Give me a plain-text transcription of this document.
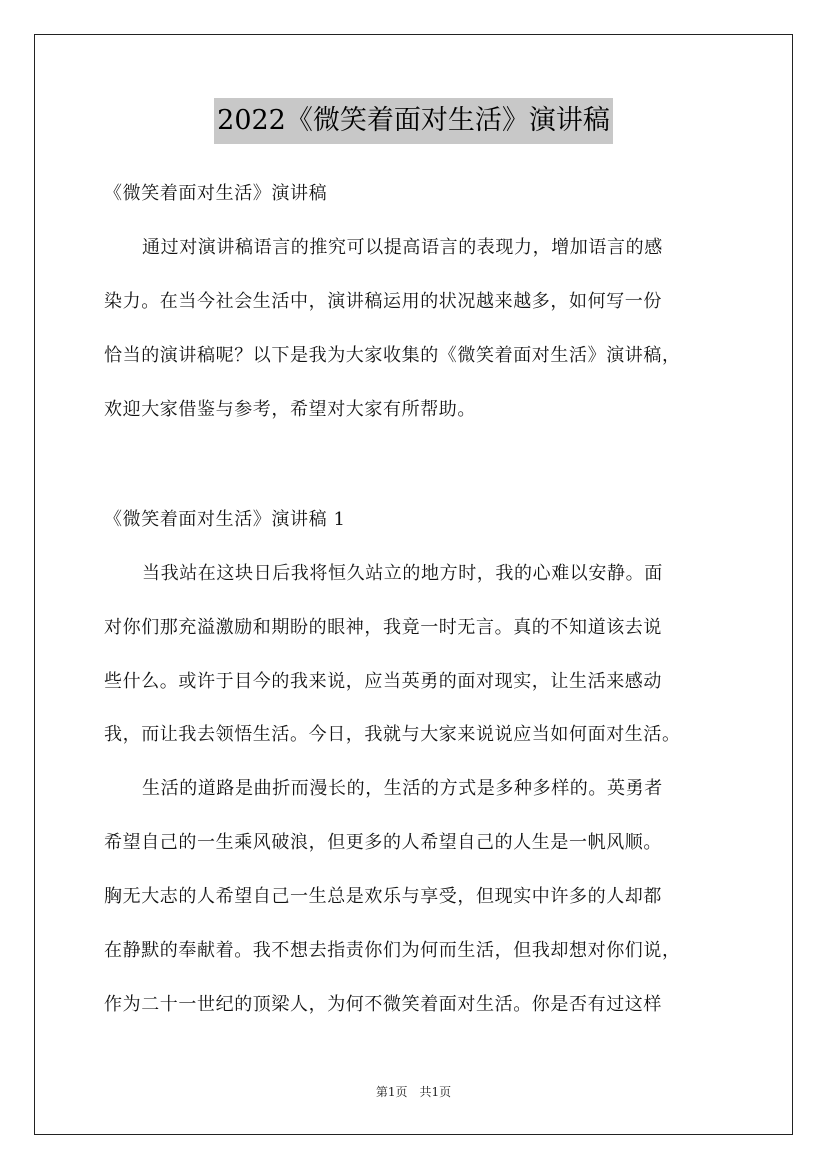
2022《微笑着面对生活》演讲稿
《微笑着面对生活》演讲稿
通过对演讲稿语言的推究可以提高语言的表现力，增加语言的感
染力。在当今社会生活中，演讲稿运用的状况越来越多，如何写一份
恰当的演讲稿呢？以下是我为大家收集的《微笑着面对生活》演讲稿，
欢迎大家借鉴与参考，希望对大家有所帮助。
《微笑着面对生活》演讲稿 1
当我站在这块日后我将恒久站立的地方时，我的心难以安静。面
对你们那充溢激励和期盼的眼神，我竟一时无言。真的不知道该去说
些什么。或许于目今的我来说，应当英勇的面对现实，让生活来感动
我，而让我去领悟生活。今日，我就与大家来说说应当如何面对生活。
生活的道路是曲折而漫长的，生活的方式是多种多样的。英勇者
希望自己的一生乘风破浪，但更多的人希望自己的人生是一帆风顺。
胸无大志的人希望自己一生总是欢乐与享受，但现实中许多的人却都
在静默的奉献着。我不想去指责你们为何而生活，但我却想对你们说，
作为二十一世纪的顶梁人，为何不微笑着面对生活。你是否有过这样
第1页　共1页
